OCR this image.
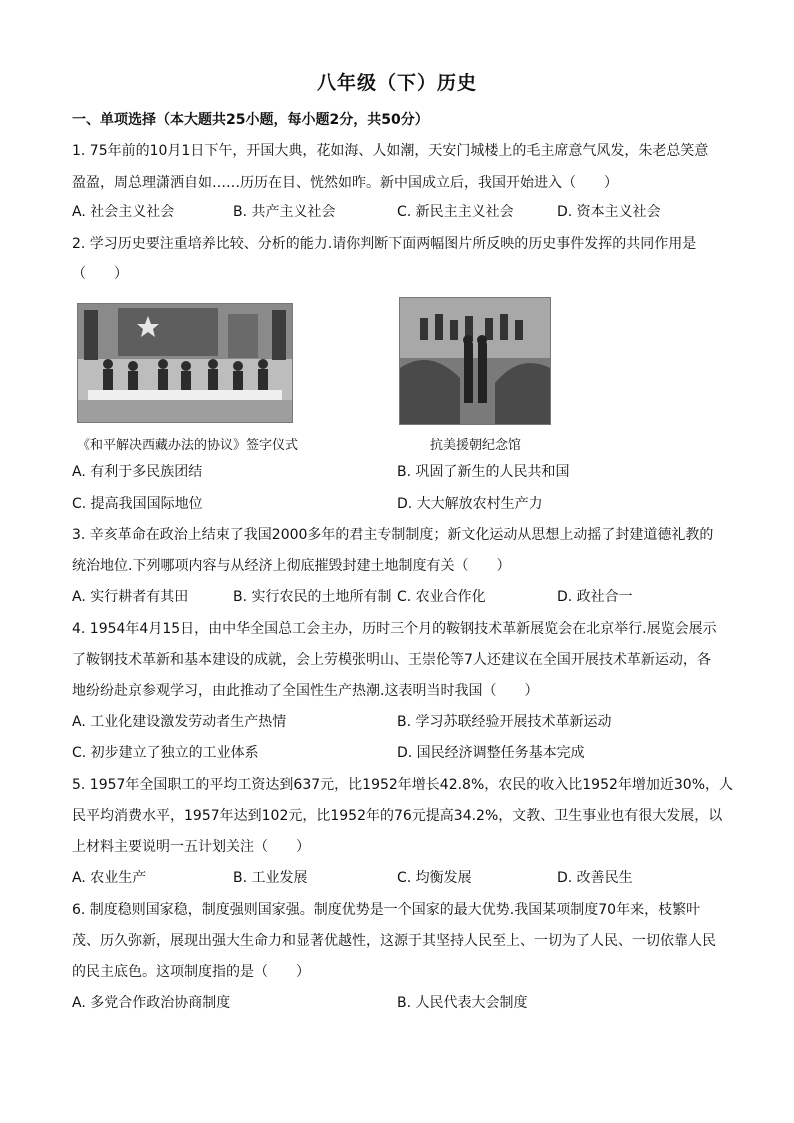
八年级（下）历史
一、单项选择（本大题共25小题，每小题2分，共50分）
1. 75年前的10月1日下午，开国大典，花如海、人如潮，天安门城楼上的毛主席意气风发，朱老总笑意
盈盈，周总理潇洒自如……历历在目、恍然如昨。新中国成立后，我国开始进入（　　）
A. 社会主义社会	B. 共产主义社会	C. 新民主主义社会	D. 资本主义社会
2. 学习历史要注重培养比较、分析的能力.请你判断下面两幅图片所反映的历史事件发挥的共同作用是
（　　）
《和平解决西藏办法的协议》签字仪式	抗美援朝纪念馆
A. 有利于多民族团结	B. 巩固了新生的人民共和国
C. 提高我国国际地位	D. 大大解放农村生产力
3. 辛亥革命在政治上结束了我国2000多年的君主专制制度；新文化运动从思想上动摇了封建道德礼教的
统治地位.下列哪项内容与从经济上彻底摧毁封建土地制度有关（　　）
A. 实行耕者有其田	B. 实行农民的土地所有制 C. 农业合作化	D. 政社合一
4. 1954年4月15日，由中华全国总工会主办，历时三个月的鞍钢技术革新展览会在北京举行.展览会展示
了鞍钢技术革新和基本建设的成就，会上劳模张明山、王崇伦等7人还建议在全国开展技术革新运动，各
地纷纷赴京参观学习，由此推动了全国性生产热潮.这表明当时我国（　　）
A. 工业化建设激发劳动者生产热情	B. 学习苏联经验开展技术革新运动
C. 初步建立了独立的工业体系	D. 国民经济调整任务基本完成
5. 1957年全国职工的平均工资达到637元，比1952年增长42.8%，农民的收入比1952年增加近30%，人
民平均消费水平，1957年达到102元，比1952年的76元提高34.2%，文教、卫生事业也有很大发展，以
上材料主要说明一五计划关注（　　）
A. 农业生产	B. 工业发展	C. 均衡发展	D. 改善民生
6. 制度稳则国家稳，制度强则国家强。制度优势是一个国家的最大优势.我国某项制度70年来，枝繁叶
茂、历久弥新，展现出强大生命力和显著优越性，这源于其坚持人民至上、一切为了人民、一切依靠人民
的民主底色。这项制度指的是（　　）
A. 多党合作政治协商制度	B. 人民代表大会制度
